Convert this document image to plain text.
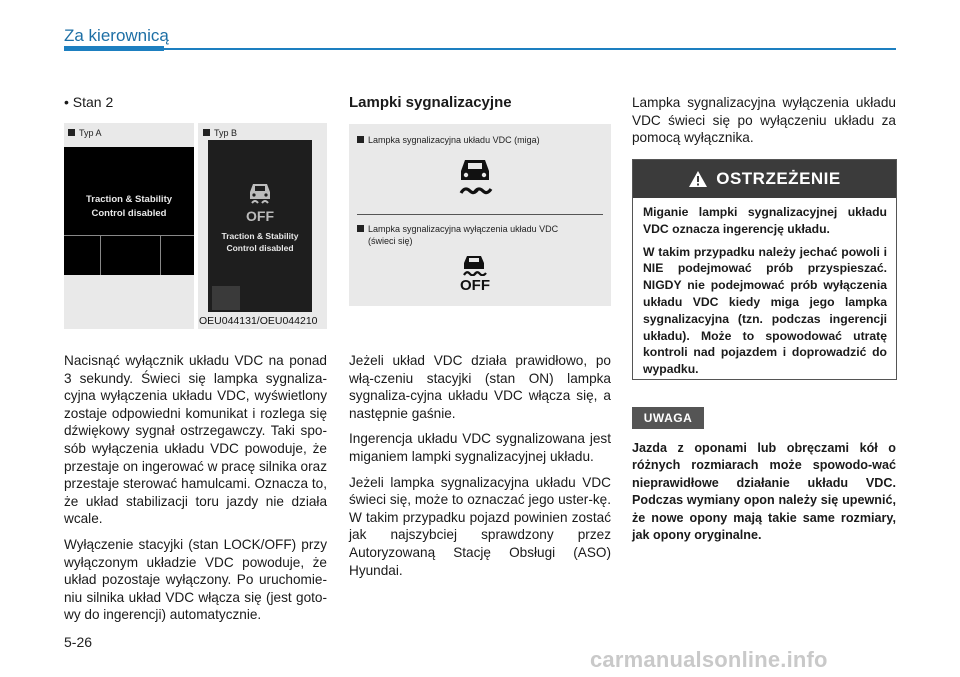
Za kierownicą
• Stan 2
Typ A	Typ B
Traction & Stability
Control disabled	OFF
Traction & Stability
Control disabled
OEU044131/OEU044210

Nacisnąć wyłącznik układu VDC na ponad 3 sekundy. Świeci się lampka sygnaliza-cyjna wyłączenia układu VDC, wyświetlony zostaje odpowiedni komunikat i rozlega się dźwiękowy sygnał ostrzegawczy. Taki spo-sób wyłączenia układu VDC powoduje, że przestaje on ingerować w pracę silnika oraz przestaje sterować hamulcami. Oznacza to, że układ stabilizacji toru jazdy nie działa wcale.

Wyłączenie stacyjki (stan LOCK/OFF) przy wyłączonym układzie VDC powoduje, że układ pozostaje wyłączony. Po uruchomie-niu silnika układ VDC włącza się (jest goto-wy do ingerencji) automatycznie.

Lampki sygnalizacyjne
Lampka sygnalizacyjna układu VDC (miga)
Lampka sygnalizacyjna wyłączenia układu VDC
(świeci się)
OFF

Jeżeli układ VDC działa prawidłowo, po włą-czeniu stacyjki (stan ON) lampka sygnaliza-cyjna układu VDC włącza się, a następnie gaśnie.

Ingerencja układu VDC sygnalizowana jest miganiem lampki sygnalizacyjnej układu.

Jeżeli lampka sygnalizacyjna układu VDC świeci się, może to oznaczać jego uster-kę. W takim przypadku pojazd powinien zostać jak najszybciej sprawdzony przez Autoryzowaną Stację Obsługi (ASO) Hyundai.

Lampka sygnalizacyjna wyłączenia układu VDC świeci się po wyłączeniu układu za pomocą wyłącznika.
OSTRZEŻENIE

Miganie lampki sygnalizacyjnej układu VDC oznacza ingerencję układu.

W takim przypadku należy jechać powoli i NIE podejmować prób przyspieszać. NIGDY nie podejmować prób wyłączenia układu VDC kiedy miga jego lampka sygnalizacyjna (tzn. podczas ingerencji układu). Może to spowodować utratę kontroli nad pojazdem i doprowadzić do wypadku.

UWAGA
Jazda z oponami lub obręczami kół o różnych rozmiarach może spowodo-wać nieprawidłowe działanie układu VDC. Podczas wymiany opon należy się upewnić, że nowe opony mają takie same rozmiary, jak opony oryginalne.
5-26
carmanualsonline.info
